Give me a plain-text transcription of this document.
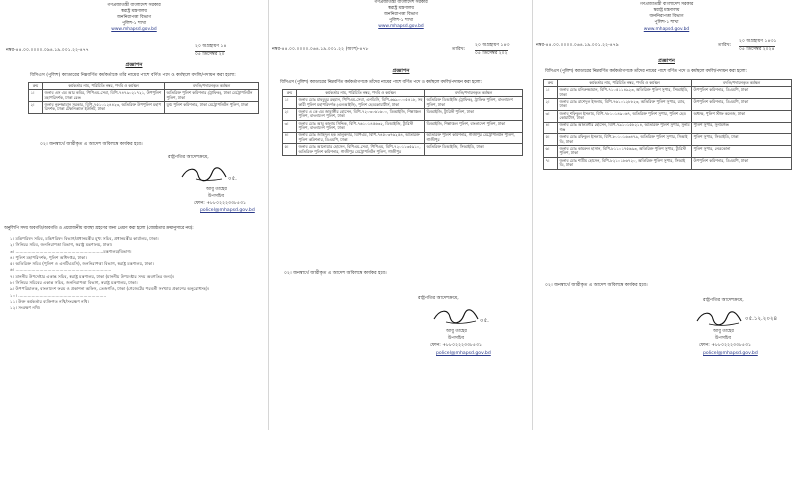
গণপ্রজাতন্ত্রী বাংলাদেশ সরকার
স্বরাষ্ট্র মন্ত্রণালয়
জননিরাপত্তা বিভাগ
পুলিশ-১ শাখা
www.mhapsd.gov.bd
নম্বর-৪৪.০০.০০০০.০৯৪.১৯.০০১.২২-৪৭৭
২০ অগ্রহায়ণ ১৪
০৫ ডিসেম্বর ২০
প্রজ্ঞাপন
বিসিএস (পুলিশ) ক্যাডারের নিম্নবর্ণিত কর্মকর্তাকে তাঁর নামের পাশে বর্ণিত পদে ও কর্মস্থলে বদলি/পদায়ন করা হলো:
ক্রম	কর্মকর্তার নাম, পরিচিতি নম্বর, পদবি ও কর্মস্থল	বদলি/পদায়নকৃত কর্মস্থল
১।	জনাব এস এম আর কবির, পিপিএম-সেবা, বিপি-৭৪৭৯০২১৭২১, উপপুলিশ মহাপরিদর্শক, ঢাকা রেঞ্জ	অতিরিক্ত পুলিশ কমিশনার (ট্রাফিক), ঢাকা মেট্রোপলিটন পুলিশ, ঢাকা
২।	জনাব নুরুজ্জামান সরকার, বিপি-৭৫১০১২৪৪২৩, অতিরিক্ত উপপুলিশ মহাপরিদর্শক, ঢাকা টেকনিক্যাল ইউনিট, ঢাকা	যুগ্ম পুলিশ কমিশনার, ঢাকা মেট্রোপলিটন পুলিশ, ঢাকা
০২। জনস্বার্থে জারীকৃত এ আদেশ অবিলম্বে কার্যকর হবে।
রাষ্ট্রপতির আদেশক্রমে,
০৫.
আবু তাহের
উপসচিব
ফোন: +৮৮০২২২৩৩৮৫৩১
policel@mhapsd.gov.bd
অনুলিপি সদয় অবগতি/অবগতি ও প্রয়োজনীয় ব্যবস্থা গ্রহণের জন্য প্রেরণ করা হলো (জ্যেষ্ঠতার ক্রমানুসারে নয়):
১। মন্ত্রিপরিষদ সচিব, মন্ত্রিপরিষদ বিভাগ/প্রধানমন্ত্রীর মুখ্য সচিব, প্রধানমন্ত্রীর কার্যালয়, ঢাকা।
২। সিনিয়র সচিব, জননিরাপত্তা বিভাগ, স্বরাষ্ট্র মন্ত্রণালয়, ঢাকা।
৩। ..................................................................মন্ত্রণালয়/বিভাগ।
৪। পুলিশ মহাপরিদর্শক, পুলিশ অধিদপ্তর, ঢাকা।
৫। অতিরিক্ত সচিব (পুলিশ ও এনটিএমসি), জননিরাপত্তা বিভাগ, স্বরাষ্ট্র মন্ত্রণালয়, ঢাকা।
৬। ........................................................................
৭। মাননীয় উপদেষ্টার একান্ত সচিব, স্বরাষ্ট্র মন্ত্রণালয়, ঢাকা (মাননীয় উপদেষ্টার সদয় অবগতির জন্য)।
৮। সিনিয়র সচিবের একান্ত সচিব, জননিরাপত্তা বিভাগ, স্বরাষ্ট্র মন্ত্রণালয়, ঢাকা।
৯। উপপরিচালক, বাংলাদেশ ফরম ও প্রকাশনা অফিস, তেজগাঁও, ঢাকা (গেজেটের পরবর্তী সংখ্যায় প্রকাশের অনুরোধসহ)।
১০। ..................................................................
১১। উক্ত কর্মকর্তার ব্যক্তিগত নথি/সংরক্ষণ নথি।
১২। সংরক্ষণ নথি।
গণপ্রজাতন্ত্রী বাংলাদেশ সরকার
স্বরাষ্ট্র মন্ত্রণালয়
জননিরাপত্তা বিভাগ
পুলিশ-১ শাখা
www.mhapsd.gov.bd
নম্বর-৪৪.০০.০০০০.০৬৪.১৯.০০১.২২ (অংশ)-৪৭৮	তারিখ:
২০ অগ্রহায়ণ ১৪৩
০৫ ডিসেম্বর ২০২
প্রজ্ঞাপন
বিসিএস (পুলিশ) ক্যাডারের নিম্নবর্ণিত কর্মকর্তাগণকে তাঁদের নামের পাশে বর্ণিত পদে ও কর্মস্থলে বদলি/পদায়ন করা হলো:
ক্রম	কর্মকর্তার নাম, পরিচিতি নম্বর, পদবি ও কর্মস্থল	বদলি/পদায়নকৃত কর্মস্থল
১।	জনাব মোঃ মাহবুবুর রহমান, পিপিএম-সেবা, এনডিসি, বিপি-৬৬৯০০০৫৪১৮, সহকারী পুলিশ মহাপরিদর্শক (এলআইসি), পুলিশ হেডকোয়ার্টার্স, ঢাকা	অতিরিক্ত ডিআইজি (ট্রাফিক), ট্রাফিক পুলিশ, বাংলাদেশ পুলিশ, ঢাকা
২।	জনাব এ কে এম জাহাঙ্গীর হোসেন, বিপি-৭২০৩০৬১৬০০, ডিআইজি, শিল্পাঞ্চল পুলিশ, বাংলাদেশ পুলিশ, ঢাকা	ডিআইজি, ট্যুরিস্ট পুলিশ, ঢাকা
৩।	জনাব মোঃ আবু কালাম সিদ্দিক, বিপি-৭৬১০১৪৫৬৩২, ডিআইজি, ট্যুরিস্ট পুলিশ, বাংলাদেশ পুলিশ, ঢাকা	ডিআইজি, শিল্পাঞ্চল পুলিশ, বাংলাদেশ পুলিশ, ঢাকা
৪।	জনাব মোঃ জাহিদুল হক তালুকদার, বিপিএম, বিপি-৭৪৫০৩৭৬২৫৪, অতিরিক্ত পুলিশ কমিশনার, ডিএমপি, ঢাকা	অতিরিক্ত পুলিশ কমিশনার, গাজীপুর মেট্রোপলিটন পুলিশ, গাজীপুর
৫।	জনাব মোঃ আনোয়ার হোসেন, বিপিএম-সেবা, পিপিএম, বিপি-৭২০১১৩৫৯১০, অতিরিক্ত পুলিশ কমিশনার, গাজীপুর মেট্রোপলিটন পুলিশ, গাজীপুর	অতিরিক্ত ডিআইজি, সিআইডি, ঢাকা
০২। জনস্বার্থে জারীকৃত এ আদেশ অবিলম্বে কার্যকর হবে।
রাষ্ট্রপতির আদেশক্রমে,
০৫.
আবু তাহের
উপসচিব
ফোন: +৮৮০২২২৩৩৮৫৩১
policel@mhapsd.gov.bd
গণপ্রজাতন্ত্রী বাংলাদেশ সরকার
স্বরাষ্ট্র মন্ত্রণালয়
জননিরাপত্তা বিভাগ
পুলিশ-১ শাখা
www.mhapsd.gov.bd
নম্বর-৪৪.০০.০০০০.০৬৪.১৯.০০১.২২-৪৭৯	তারিখ:
২০ অগ্রহায়ণ ১৪৩১
০৫ ডিসেম্বর ২০২৪
প্রজ্ঞাপন
বিসিএস (পুলিশ) ক্যাডারের নিম্নবর্ণিত কর্মকর্তাগণকে তাঁদের নামের পাশে বর্ণিত পদে ও কর্মস্থলে বদলি/পদায়ন করা হলো:
ক্রম	কর্মকর্তার নাম, পরিচিতি নম্বর, পদবি ও কর্মস্থল	বদলি/পদায়নকৃত কর্মস্থল
১।	জনাব মোঃ মনিরুজ্জামান, বিপি-৭১০৫১১৪৯২৩, অতিরিক্ত পুলিশ সুপার, সিআইডি, ঢাকা	উপপুলিশ কমিশনার, ডিএমপি, ঢাকা
২।	জনাব মোঃ রাশেদুল ইসলাম, বিপি-৭৬১০১২৮৮২৩, অতিরিক্ত পুলিশ সুপার, র‍্যাব, ঢাকা	উপপুলিশ কমিশনার, ডিএমপি, ঢাকা
৩।	জনাব শফিকুল ইসলাম, বিপি-৭৮১০১৪৯০৬৭, অতিরিক্ত পুলিশ সুপার, পুলিশ হেডকোয়ার্টার্স, ঢাকা	অধ্যক্ষ, পুলিশ স্টাফ কলেজ, ঢাকা
৪।	জনাব মোঃ আলমগীর হোসেন, বিপি-৭৯১০১৫৮২১৪, অতিরিক্ত পুলিশ সুপার, সুনামগঞ্জ	পুলিশ সুপার, সুনামগঞ্জ
৫।	জনাব মোঃ রফিকুল ইসলাম, বিপি-৮০১০১৬৩৪৭৯, অতিরিক্ত পুলিশ সুপার, সিআইডি, ঢাকা	পুলিশ সুপার, সিআইডি, ঢাকা
৬।	জনাব মোঃ কামরুল হাসান, বিপি-৮১১০১৭৫৬৯৩, অতিরিক্ত পুলিশ সুপার, ট্যুরিস্ট পুলিশ, ঢাকা	পুলিশ সুপার, নেত্রকোনা
৭।	জনাব মোঃ শামীম হোসেন, বিপি-৮২১০১৮৬৭২০, অতিরিক্ত পুলিশ সুপার, সিআইডি, ঢাকা	উপপুলিশ কমিশনার, ডিএমপি, ঢাকা
০২। জনস্বার্থে জারীকৃত এ আদেশ অবিলম্বে কার্যকর হবে।
রাষ্ট্রপতির আদেশক্রমে,
০৫.১২.২০২৪
আবু তাহের
উপসচিব
ফোন: +৮৮০২২২৩৩৮৫৩১
policel@mhapsd.gov.bd
